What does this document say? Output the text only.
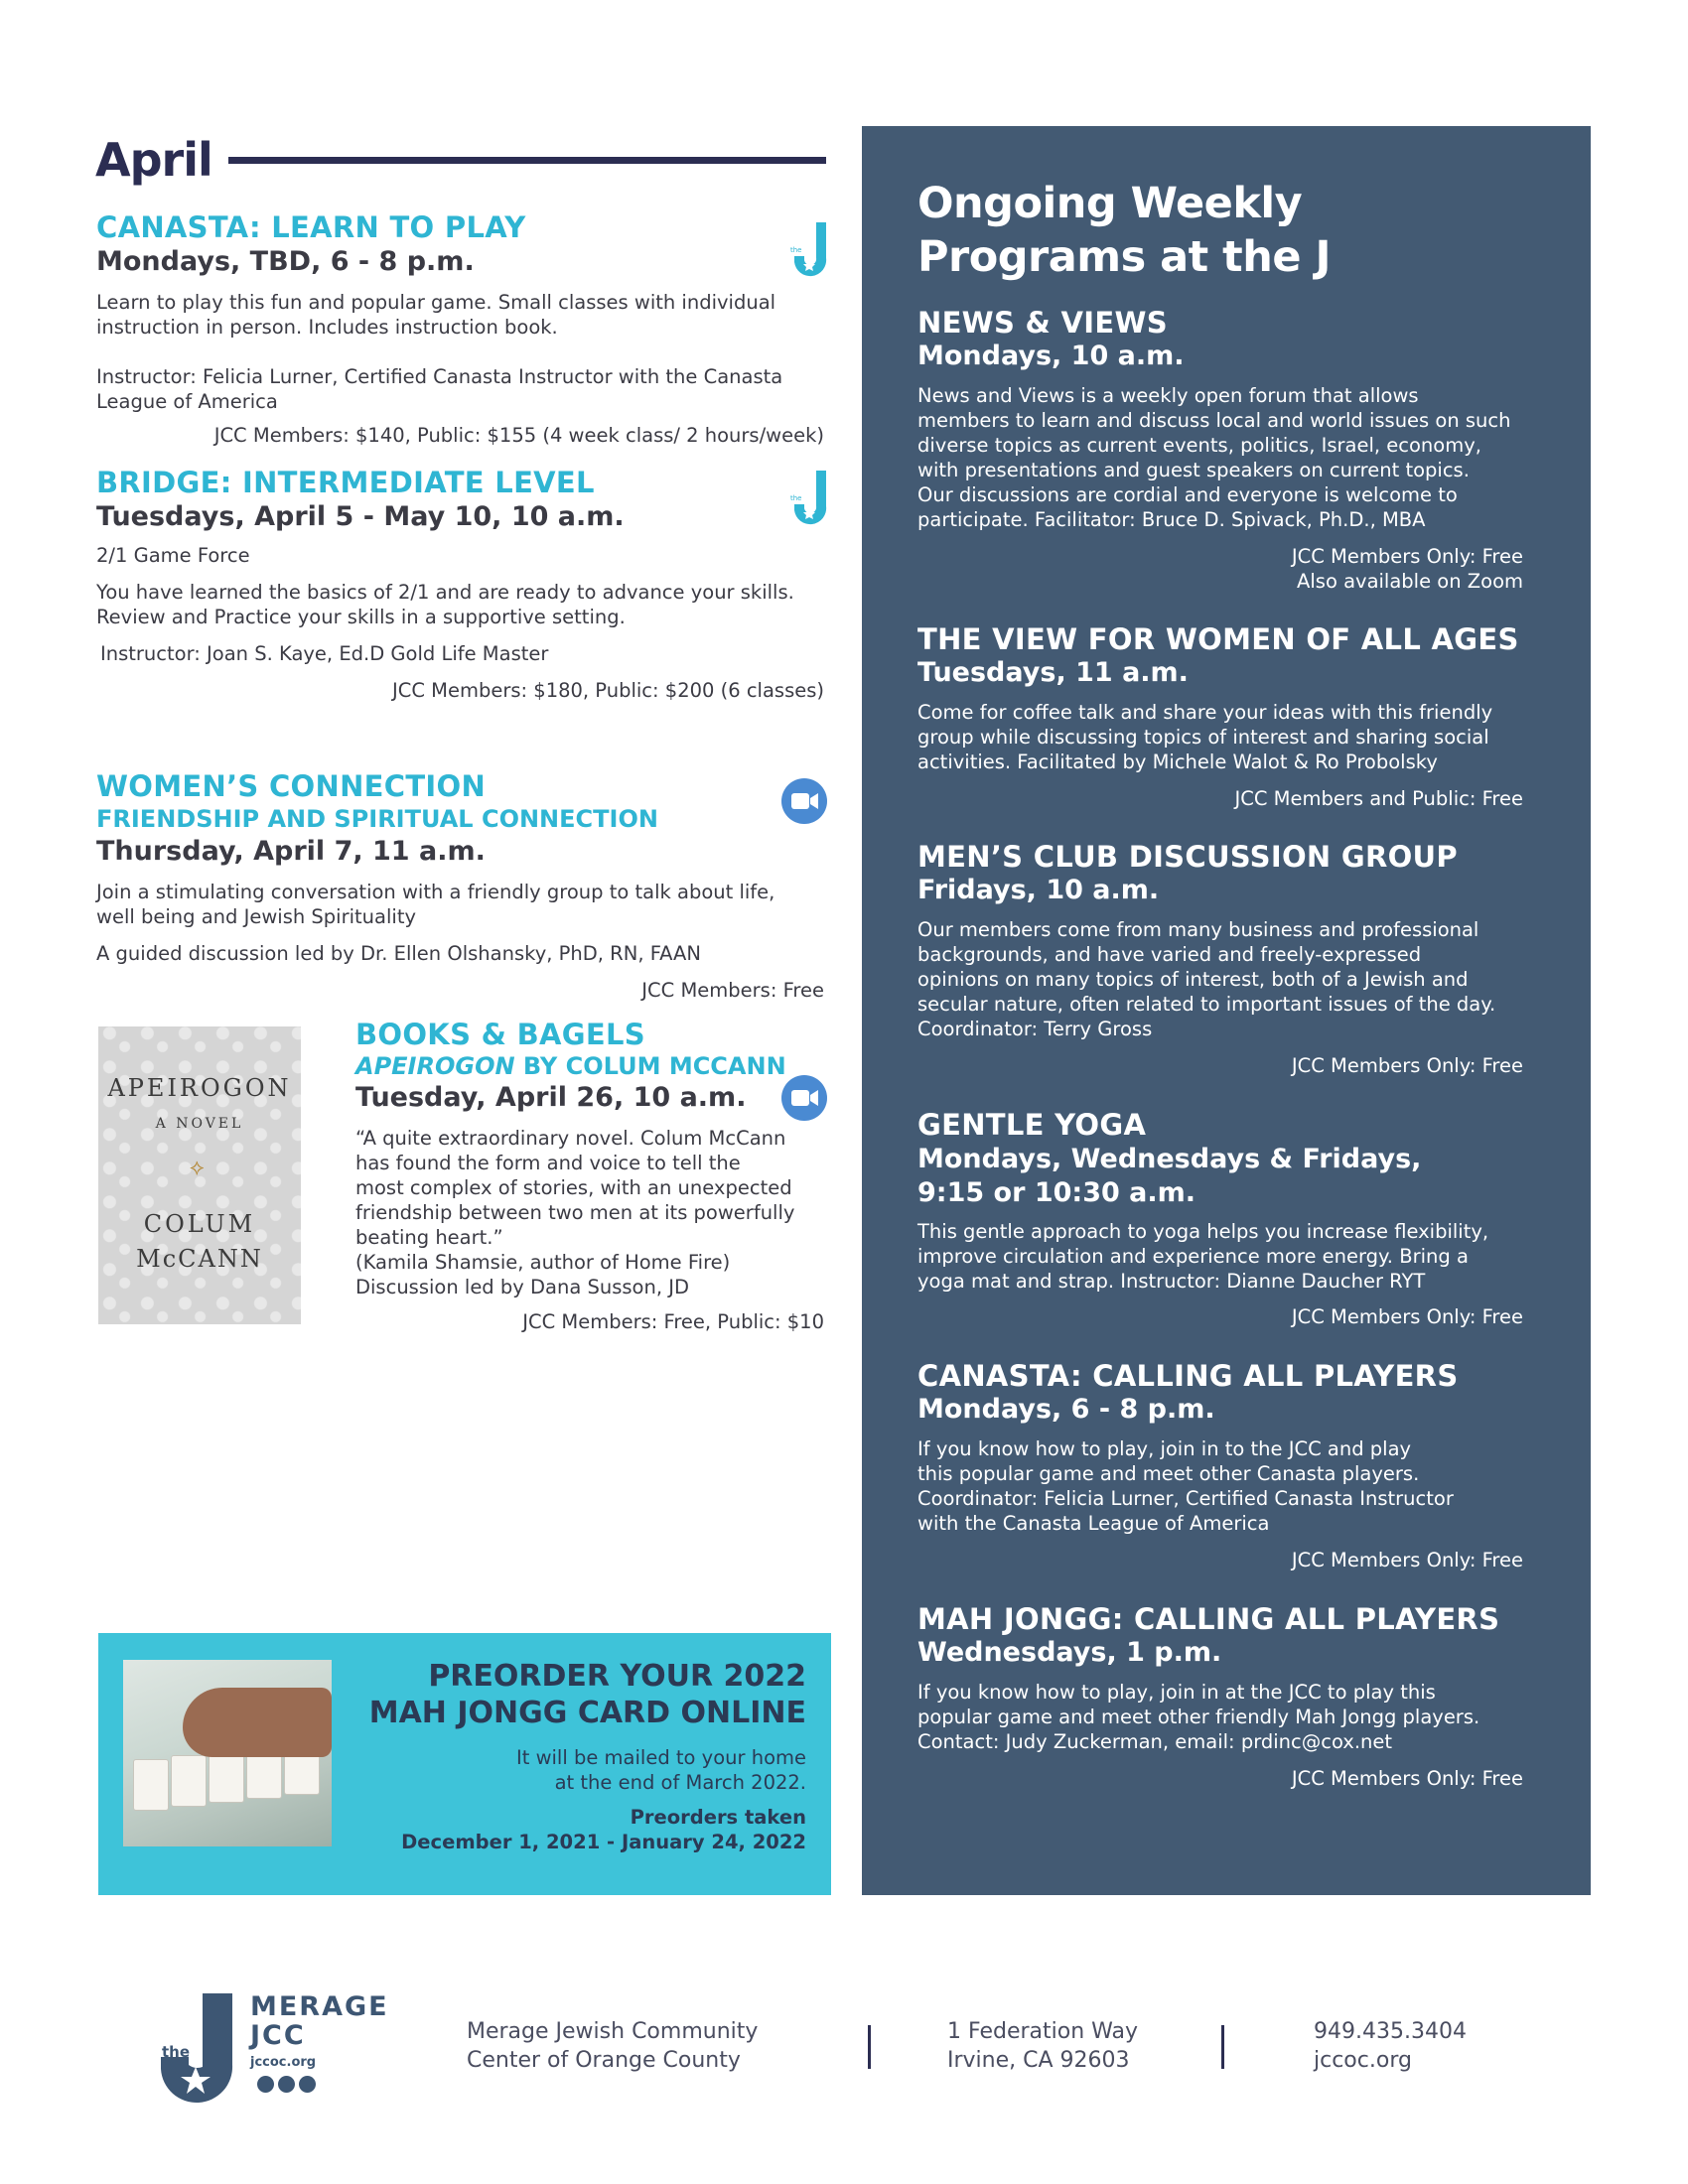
April
CANASTA: LEARN TO PLAY
Mondays, TBD, 6 - 8 p.m.
Learn to play this fun and popular game. Small classes with individual
instruction in person. Includes instruction book.
Instructor: Felicia Lurner, Certified Canasta Instructor with the Canasta
League of America
JCC Members: $140, Public: $155 (4 week class/ 2 hours/week)
the
BRIDGE: INTERMEDIATE LEVEL
Tuesdays, April 5 - May 10, 10 a.m.
2/1 Game Force
You have learned the basics of 2/1 and are ready to advance your skills.
Review and Practice your skills in a supportive setting.
Instructor: Joan S. Kaye, Ed.D Gold Life Master
JCC Members: $180, Public: $200 (6 classes)
the
WOMEN’S CONNECTION
FRIENDSHIP AND SPIRITUAL CONNECTION
Thursday, April 7, 11 a.m.
Join a stimulating conversation with a friendly group to talk about life,
well being and Jewish Spirituality
A guided discussion led by Dr. Ellen Olshansky, PhD, RN, FAAN
JCC Members: Free
APEIROGON
A NOVEL
⟡
COLUM
McCANN
BOOKS & BAGELS
APEIROGON BY COLUM MCCANN
Tuesday, April 26, 10 a.m.
“A quite extraordinary novel. Colum McCann
has found the form and voice to tell the
most complex of stories, with an unexpected
friendship between two men at its powerfully
beating heart.”
(Kamila Shamsie, author of Home Fire)
Discussion led by Dana Susson, JD
JCC Members: Free, Public: $10
PREORDER YOUR 2022
MAH JONGG CARD ONLINE
It will be mailed to your home
at the end of March 2022.
Preorders taken
December 1, 2021 - January 24, 2022
Ongoing Weekly
Programs at the J
NEWS & VIEWS
Mondays, 10 a.m.
News and Views is a weekly open forum that allows
members to learn and discuss local and world issues on such
diverse topics as current events, politics, Israel, economy,
with presentations and guest speakers on current topics.
Our discussions are cordial and everyone is welcome to
participate. Facilitator: Bruce D. Spivack, Ph.D., MBA
JCC Members Only: Free
Also available on Zoom
THE VIEW FOR WOMEN OF ALL AGES
Tuesdays, 11 a.m.
Come for coffee talk and share your ideas with this friendly
group while discussing topics of interest and sharing social
activities. Facilitated by Michele Walot & Ro Probolsky
JCC Members and Public: Free
MEN’S CLUB DISCUSSION GROUP
Fridays, 10 a.m.
Our members come from many business and professional
backgrounds, and have varied and freely-expressed
opinions on many topics of interest, both of a Jewish and
secular nature, often related to important issues of the day.
Coordinator: Terry Gross
JCC Members Only: Free
GENTLE YOGA
Mondays, Wednesdays & Fridays,
9:15 or 10:30 a.m.
This gentle approach to yoga helps you increase flexibility,
improve circulation and experience more energy. Bring a
yoga mat and strap. Instructor: Dianne Daucher RYT
JCC Members Only: Free
CANASTA: CALLING ALL PLAYERS
Mondays, 6 - 8 p.m.
If you know how to play, join in to the JCC and play
this popular game and meet other Canasta players.
Coordinator: Felicia Lurner, Certified Canasta Instructor
with the Canasta League of America
JCC Members Only: Free
MAH JONGG: CALLING ALL PLAYERS
Wednesdays, 1 p.m.
If you know how to play, join in at the JCC to play this
popular game and meet other friendly Mah Jongg players.
Contact: Judy Zuckerman, email: prdinc@cox.net
JCC Members Only: Free
the
MERAGE
JCC
jccoc.org
Merage Jewish Community
Center of Orange County
1 Federation Way
Irvine, CA 92603
949.435.3404
jccoc.org
